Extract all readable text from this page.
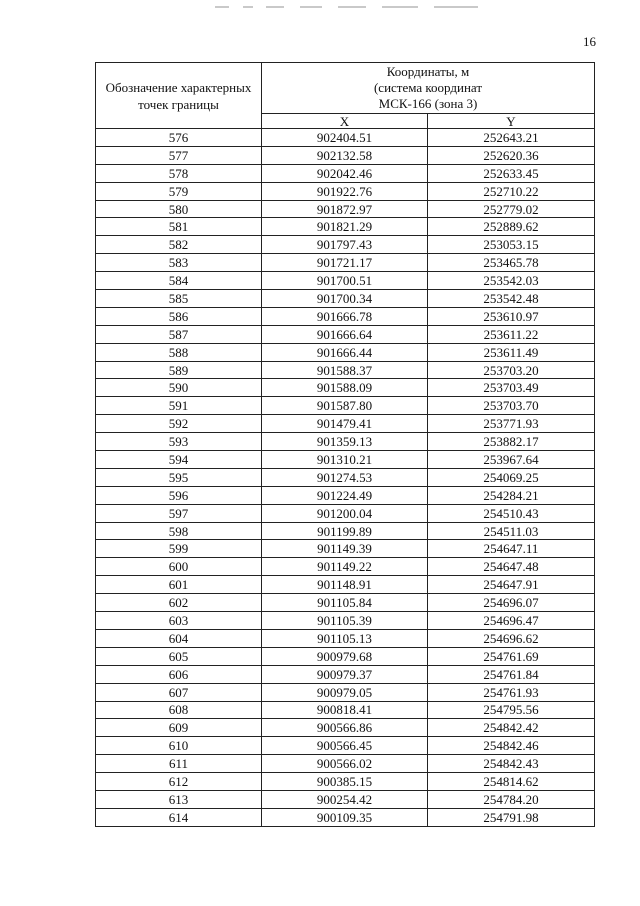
16
Обозначение характерных точек границы	Координаты, м
(система координат
МСК-166 (зона 3)	

	X	Y
576	902404.51	252643.21
577	902132.58	252620.36
578	902042.46	252633.45
579	901922.76	252710.22
580	901872.97	252779.02
581	901821.29	252889.62
582	901797.43	253053.15
583	901721.17	253465.78
584	901700.51	253542.03
585	901700.34	253542.48
586	901666.78	253610.97
587	901666.64	253611.22
588	901666.44	253611.49
589	901588.37	253703.20
590	901588.09	253703.49
591	901587.80	253703.70
592	901479.41	253771.93
593	901359.13	253882.17
594	901310.21	253967.64
595	901274.53	254069.25
596	901224.49	254284.21
597	901200.04	254510.43
598	901199.89	254511.03
599	901149.39	254647.11
600	901149.22	254647.48
601	901148.91	254647.91
602	901105.84	254696.07
603	901105.39	254696.47
604	901105.13	254696.62
605	900979.68	254761.69
606	900979.37	254761.84
607	900979.05	254761.93
608	900818.41	254795.56
609	900566.86	254842.42
610	900566.45	254842.46
611	900566.02	254842.43
612	900385.15	254814.62
613	900254.42	254784.20
614	900109.35	254791.98
